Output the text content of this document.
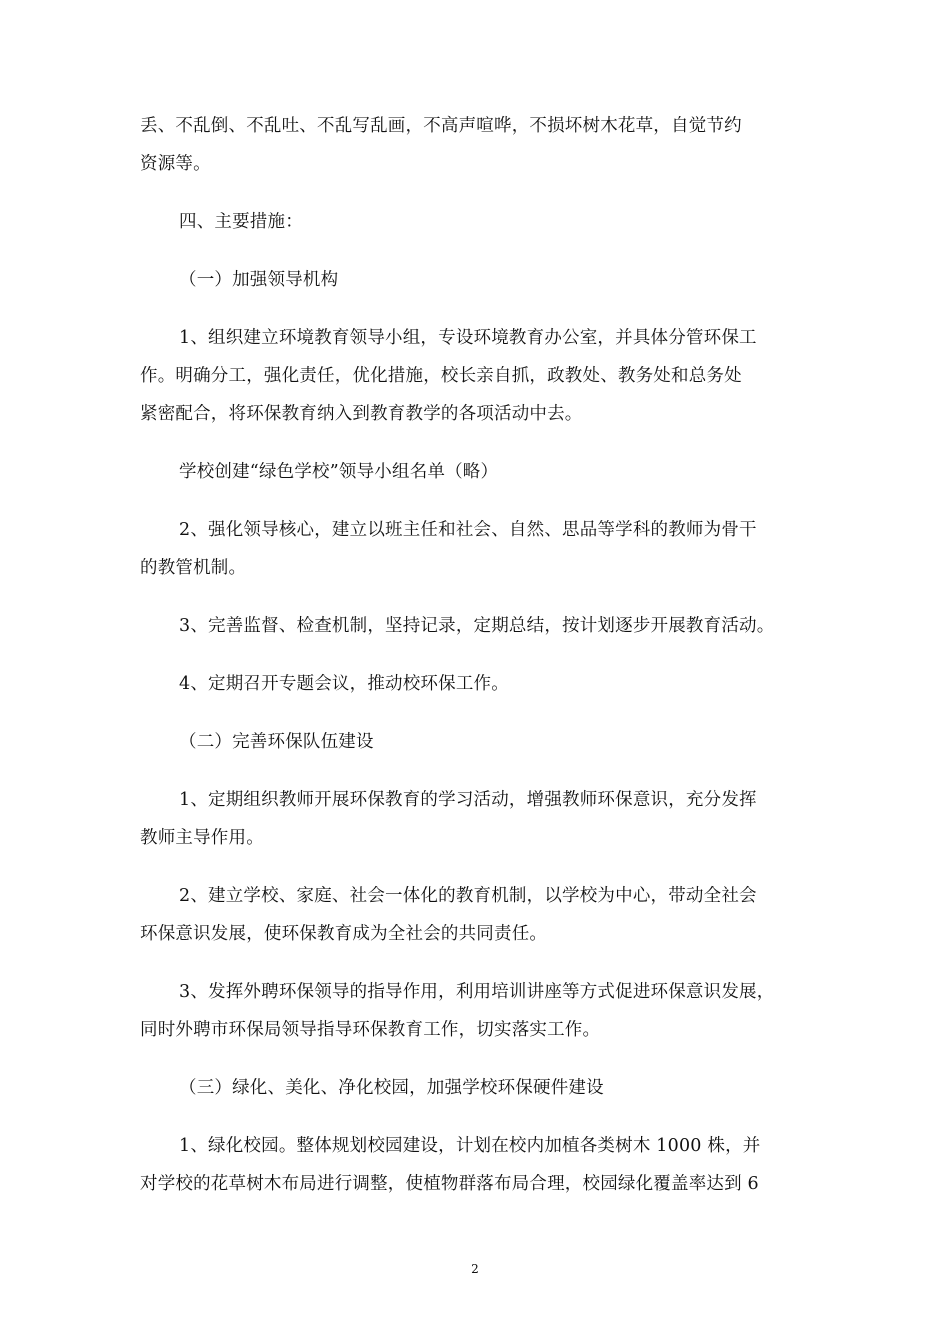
丢、不乱倒、不乱吐、不乱写乱画，不高声喧哗，不损坏树木花草，自觉节约
资源等。
四、主要措施：
（一）加强领导机构
1、组织建立环境教育领导小组，专设环境教育办公室，并具体分管环保工
作。明确分工，强化责任，优化措施，校长亲自抓，政教处、教务处和总务处
紧密配合，将环保教育纳入到教育教学的各项活动中去。
学校创建“绿色学校”领导小组名单（略）
2、强化领导核心，建立以班主任和社会、自然、思品等学科的教师为骨干
的教管机制。
3、完善监督、检查机制，坚持记录，定期总结，按计划逐步开展教育活动。
4、定期召开专题会议，推动校环保工作。
（二）完善环保队伍建设
1、定期组织教师开展环保教育的学习活动，增强教师环保意识，充分发挥
教师主导作用。
2、建立学校、家庭、社会一体化的教育机制，以学校为中心，带动全社会
环保意识发展，使环保教育成为全社会的共同责任。
3、发挥外聘环保领导的指导作用，利用培训讲座等方式促进环保意识发展，
同时外聘市环保局领导指导环保教育工作，切实落实工作。
（三）绿化、美化、净化校园，加强学校环保硬件建设
1、绿化校园。整体规划校园建设，计划在校内加植各类树木 1000 株，并
对学校的花草树木布局进行调整，使植物群落布局合理，校园绿化覆盖率达到 6
2
